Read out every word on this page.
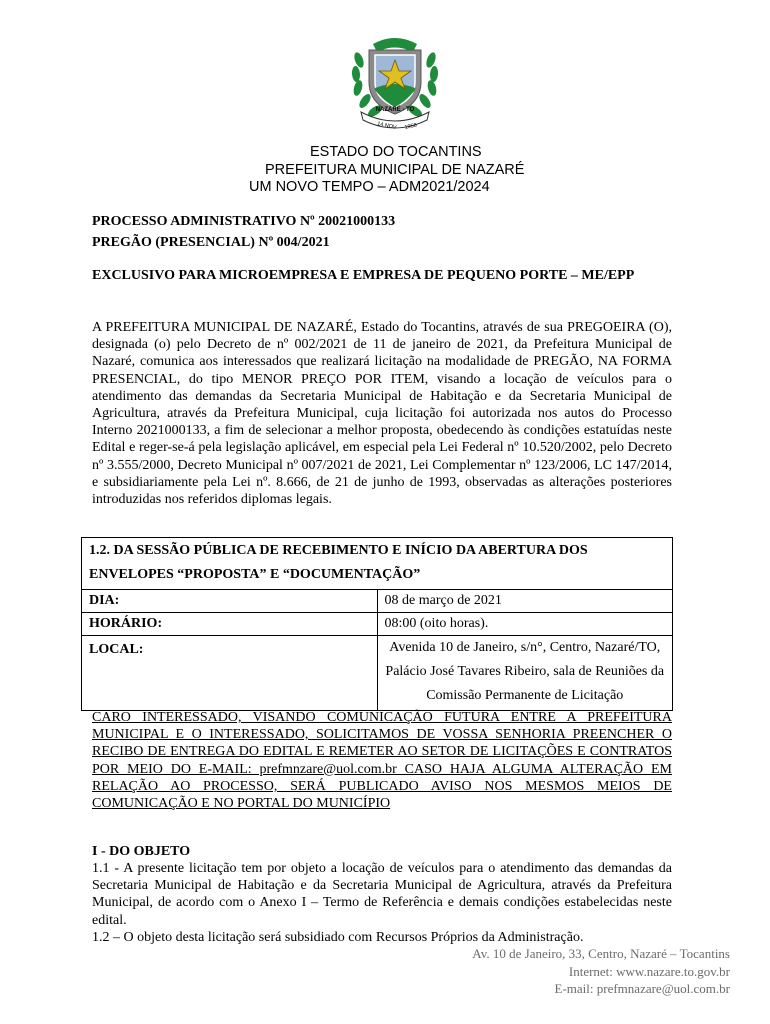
NAZARÉ - TO
14 NOV 1958
ESTADO DO TOCANTINS
PREFEITURA MUNICIPAL DE NAZARÉ
UM NOVO TEMPO – ADM2021/2024
PROCESSO ADMINISTRATIVO Nº 20021000133
PREGÃO (PRESENCIAL) Nº 004/2021
EXCLUSIVO PARA MICROEMPRESA E EMPRESA DE PEQUENO PORTE – ME/EPP
A PREFEITURA MUNICIPAL DE NAZARÉ, Estado do Tocantins, através de sua PREGOEIRA (O), designada (o) pelo Decreto de nº 002/2021 de 11 de janeiro de 2021, da Prefeitura Municipal de Nazaré, comunica aos interessados que realizará licitação na modalidade de PREGÃO, NA FORMA PRESENCIAL, do tipo MENOR PREÇO POR ITEM, visando a locação de veículos para o atendimento das demandas da Secretaria Municipal de Habitação e da Secretaria Municipal de Agricultura, através da Prefeitura Municipal, cuja licitação foi autorizada nos autos do Processo Interno 2021000133, a fim de selecionar a melhor proposta, obedecendo às condições estatuídas neste Edital e reger-se-á pela legislação aplicável, em especial pela Lei Federal nº 10.520/2002, pelo Decreto nº 3.555/2000, Decreto Municipal nº 007/2021 de 2021, Lei Complementar nº 123/2006, LC 147/2014, e subsidiariamente pela Lei nº. 8.666, de 21 de junho de 1993, observadas as alterações posteriores introduzidas nos referidos diplomas legais.
1.2. DA SESSÃO PÚBLICA DE RECEBIMENTO E INÍCIO DA ABERTURA DOS ENVELOPES “PROPOSTA” E “DOCUMENTAÇÃO”	
DIA:	08 de março de 2021
HORÁRIO:	08:00 (oito horas).
LOCAL:	Avenida 10 de Janeiro, s/n°, Centro, Nazaré/TO, Palácio José Tavares Ribeiro, sala de Reuniões da Comissão Permanente de Licitação
CARO INTERESSADO, VISANDO COMUNICAÇÃO FUTURA ENTRE A PREFEITURA MUNICIPAL E O INTERESSADO, SOLICITAMOS DE VOSSA SENHORIA PREENCHER O RECIBO DE ENTREGA DO EDITAL E REMETER AO SETOR DE LICITAÇÕES E CONTRATOS POR MEIO DO E-MAIL: prefmnzare@uol.com.br CASO HAJA ALGUMA ALTERAÇÃO EM RELAÇÃO AO PROCESSO, SERÁ PUBLICADO AVISO NOS MESMOS MEIOS DE COMUNICAÇÃO E NO PORTAL DO MUNICÍPIO
I - DO OBJETO
1.1 - A presente licitação tem por objeto a locação de veículos para o atendimento das demandas da Secretaria Municipal de Habitação e da Secretaria Municipal de Agricultura, através da Prefeitura Municipal, de acordo com o Anexo I – Termo de Referência e demais condições estabelecidas neste edital.
1.2 – O objeto desta licitação será subsidiado com Recursos Próprios da Administração.
Av. 10 de Janeiro, 33, Centro, Nazaré – Tocantins
Internet: www.nazare.to.gov.br
E-mail: prefmnazare@uol.com.br
